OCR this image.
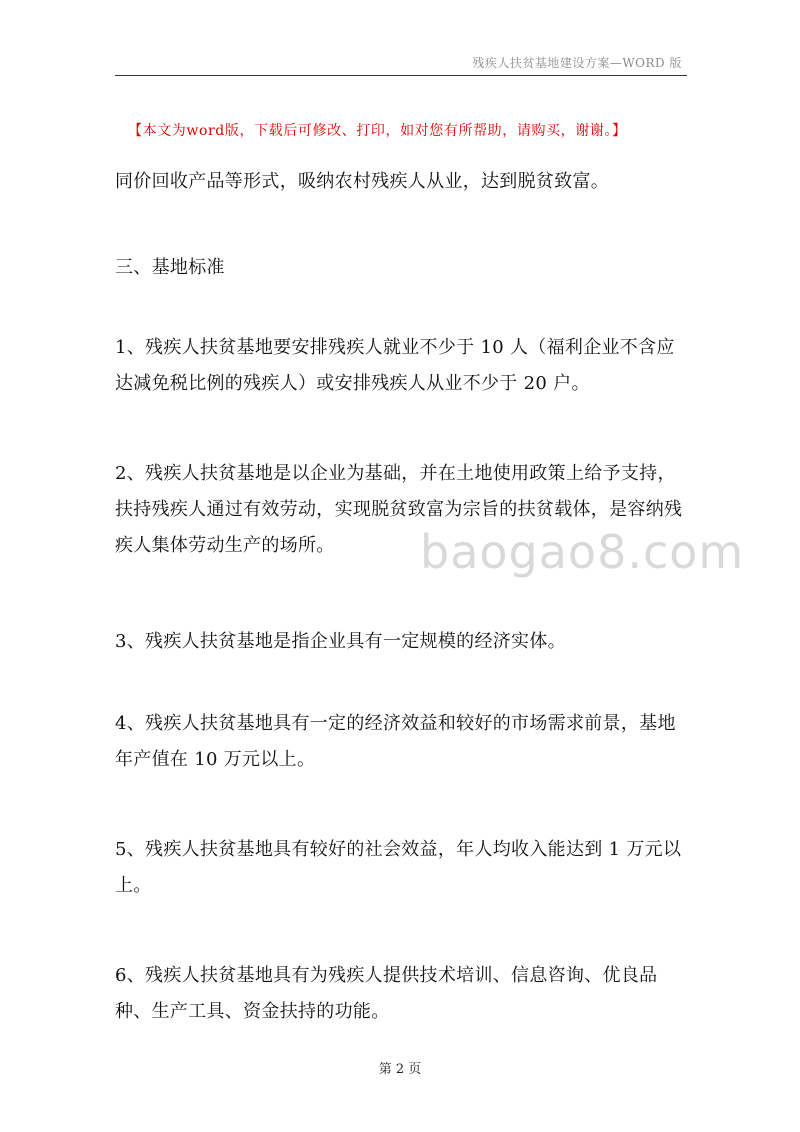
残疾人扶贫基地建设方案—WORD 版
【本文为word版，下载后可修改、打印，如对您有所帮助，请购买，谢谢。】
同价回收产品等形式，吸纳农村残疾人从业，达到脱贫致富。
三、基地标准
1、残疾人扶贫基地要安排残疾人就业不少于 10 人（福利企业不含应达减免税比例的残疾人）或安排残疾人从业不少于 20 户。
2、残疾人扶贫基地是以企业为基础，并在土地使用政策上给予支持，扶持残疾人通过有效劳动，实现脱贫致富为宗旨的扶贫载体，是容纳残疾人集体劳动生产的场所。
3、残疾人扶贫基地是指企业具有一定规模的经济实体。
4、残疾人扶贫基地具有一定的经济效益和较好的市场需求前景，基地年产值在 10 万元以上。
5、残疾人扶贫基地具有较好的社会效益，年人均收入能达到 1 万元以上。
6、残疾人扶贫基地具有为残疾人提供技术培训、信息咨询、优良品种、生产工具、资金扶持的功能。
baogao8.com
第 2 页
